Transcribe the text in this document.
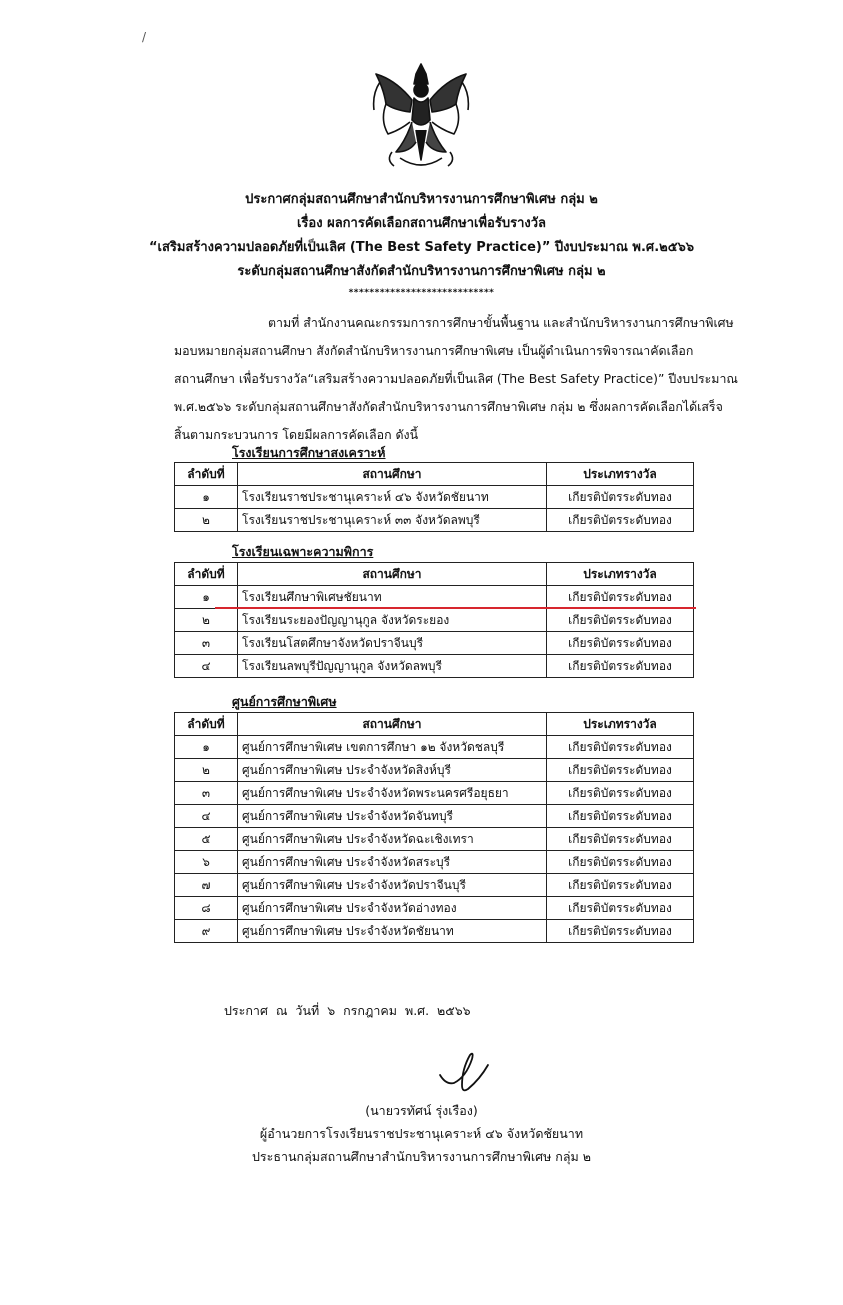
/
ประกาศกลุ่มสถานศึกษาสำนักบริหารงานการศึกษาพิเศษ กลุ่ม ๒
เรื่อง ผลการคัดเลือกสถานศึกษาเพื่อรับรางวัล
“เสริมสร้างความปลอดภัยที่เป็นเลิศ (The Best Safety Practice)” ปีงบประมาณ พ.ศ.๒๕๖๖
ระดับกลุ่มสถานศึกษาสังกัดสำนักบริหารงานการศึกษาพิเศษ กลุ่ม ๒
****************************
ตามที่ สำนักงานคณะกรรมการการศึกษาขั้นพื้นฐาน และสำนักบริหารงานการศึกษาพิเศษ
มอบหมายกลุ่มสถานศึกษา สังกัดสำนักบริหารงานการศึกษาพิเศษ เป็นผู้ดำเนินการพิจารณาคัดเลือก
สถานศึกษา เพื่อรับรางวัล“เสริมสร้างความปลอดภัยที่เป็นเลิศ (The Best Safety Practice)” ปีงบประมาณ
พ.ศ.๒๕๖๖ ระดับกลุ่มสถานศึกษาสังกัดสำนักบริหารงานการศึกษาพิเศษ กลุ่ม ๒ ซึ่งผลการคัดเลือกได้เสร็จ
สิ้นตามกระบวนการ โดยมีผลการคัดเลือก ดังนี้
โรงเรียนการศึกษาสงเคราะห์
ลำดับที่	สถานศึกษา	ประเภทรางวัล
๑	โรงเรียนราชประชานุเคราะห์ ๔๖ จังหวัดชัยนาท	เกียรติบัตรระดับทอง
๒	โรงเรียนราชประชานุเคราะห์ ๓๓ จังหวัดลพบุรี	เกียรติบัตรระดับทอง
โรงเรียนเฉพาะความพิการ
ลำดับที่	สถานศึกษา	ประเภทรางวัล
๑	โรงเรียนศึกษาพิเศษชัยนาท	เกียรติบัตรระดับทอง
๒	โรงเรียนระยองปัญญานุกูล จังหวัดระยอง	เกียรติบัตรระดับทอง
๓	โรงเรียนโสตศึกษาจังหวัดปราจีนบุรี	เกียรติบัตรระดับทอง
๔	โรงเรียนลพบุรีปัญญานุกูล จังหวัดลพบุรี	เกียรติบัตรระดับทอง
ศูนย์การศึกษาพิเศษ
ลำดับที่	สถานศึกษา	ประเภทรางวัล
๑	ศูนย์การศึกษาพิเศษ เขตการศึกษา ๑๒ จังหวัดชลบุรี	เกียรติบัตรระดับทอง
๒	ศูนย์การศึกษาพิเศษ ประจำจังหวัดสิงห์บุรี	เกียรติบัตรระดับทอง
๓	ศูนย์การศึกษาพิเศษ ประจำจังหวัดพระนครศรีอยุธยา	เกียรติบัตรระดับทอง
๔	ศูนย์การศึกษาพิเศษ ประจำจังหวัดจันทบุรี	เกียรติบัตรระดับทอง
๕	ศูนย์การศึกษาพิเศษ ประจำจังหวัดฉะเชิงเทรา	เกียรติบัตรระดับทอง
๖	ศูนย์การศึกษาพิเศษ ประจำจังหวัดสระบุรี	เกียรติบัตรระดับทอง
๗	ศูนย์การศึกษาพิเศษ ประจำจังหวัดปราจีนบุรี	เกียรติบัตรระดับทอง
๘	ศูนย์การศึกษาพิเศษ ประจำจังหวัดอ่างทอง	เกียรติบัตรระดับทอง
๙	ศูนย์การศึกษาพิเศษ ประจำจังหวัดชัยนาท	เกียรติบัตรระดับทอง
ประกาศ ณ วันที่ ๖ กรกฎาคม พ.ศ. ๒๕๖๖
(นายวรทัศน์ รุ่งเรือง)
ผู้อำนวยการโรงเรียนราชประชานุเคราะห์ ๔๖ จังหวัดชัยนาท
ประธานกลุ่มสถานศึกษาสำนักบริหารงานการศึกษาพิเศษ กลุ่ม ๒
